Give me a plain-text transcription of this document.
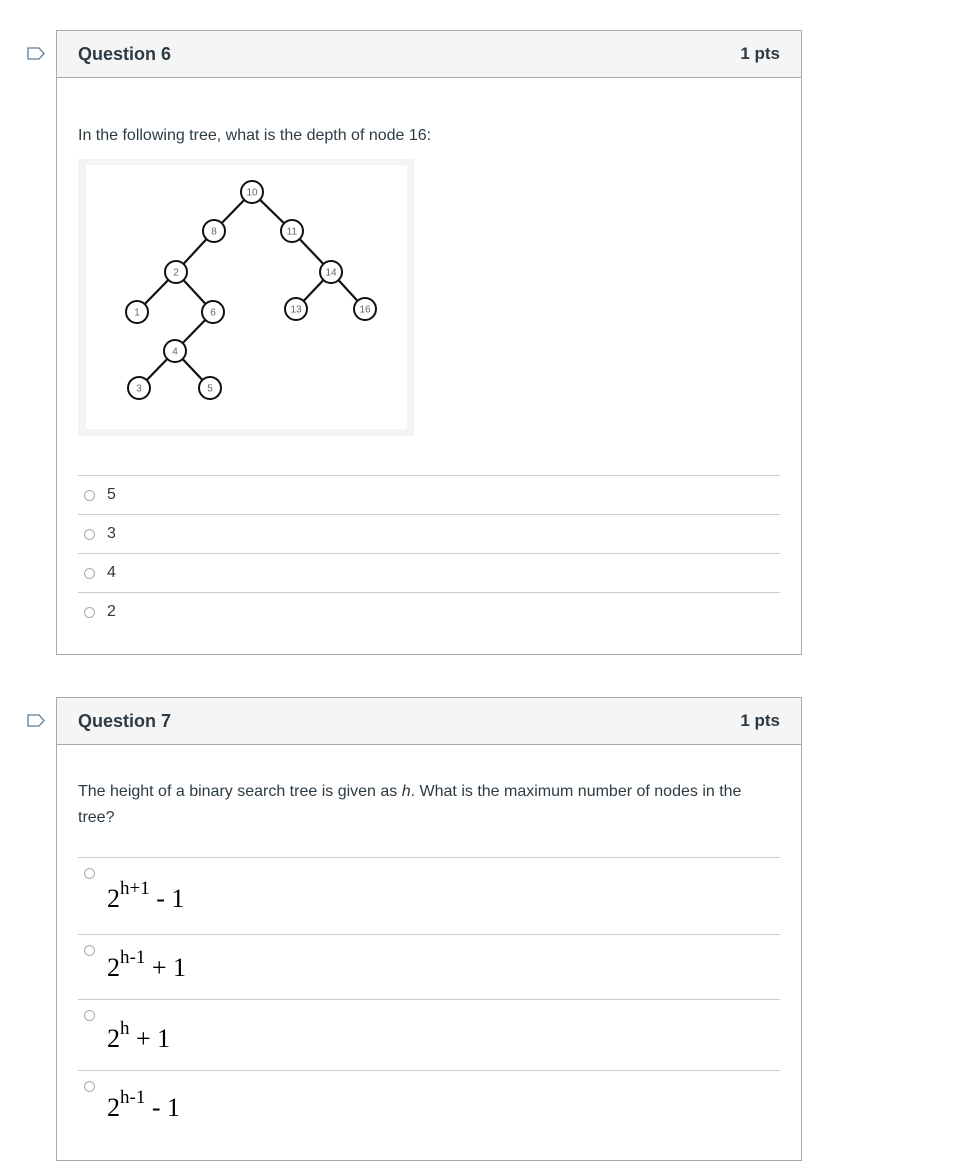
Question 6	1 pts
In the following tree, what is the depth of node 16:
10
8	11
2	14
1	6	13	16
4
3	5
5
3
4
2
Question 7	1 pts
The height of a binary search tree is given as h. What is the maximum number of nodes in the tree?
$2^{h+1} - 1$
$2^{h-1} + 1$
$2^h + 1$
2$^{h-1}$ - 1
